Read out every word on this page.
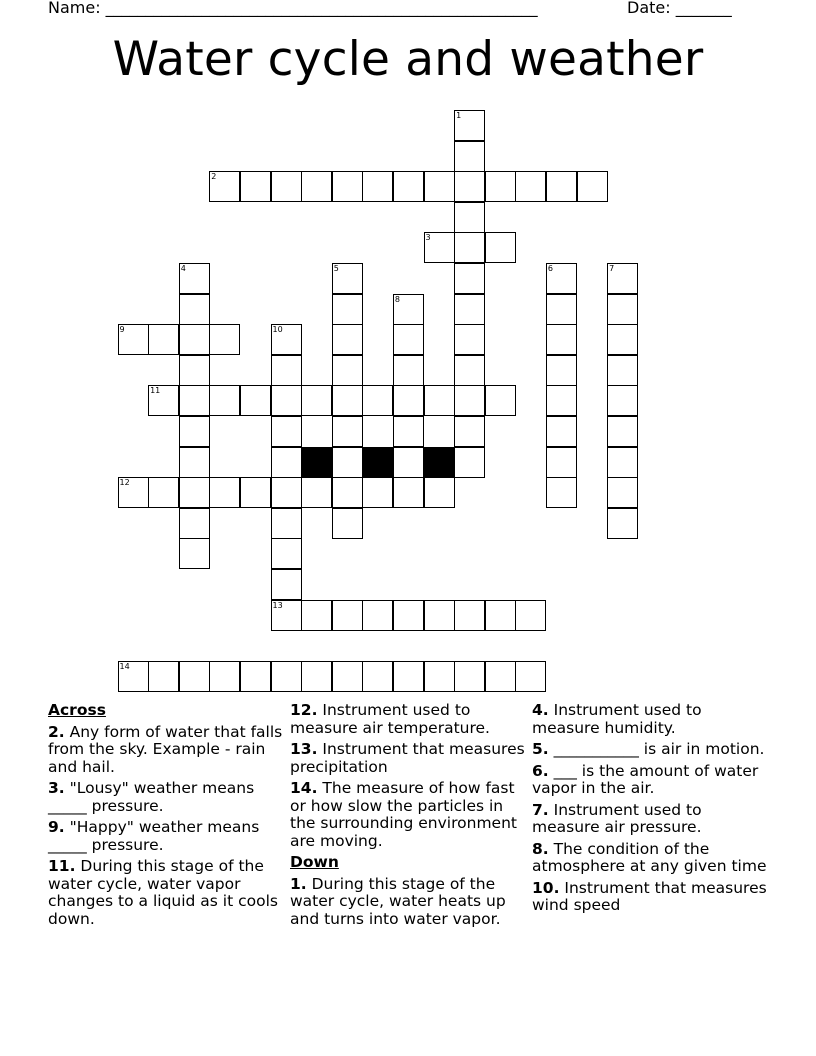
Name: ______________________________________________________	Date: _______
Water cycle and weather
1
2
3
4	5	6	7
8
9	10
11
12
13
14
Across
2. Any form of water that falls from the sky. Example - rain and hail.
3. "Lousy" weather means _____ pressure.
9. "Happy" weather means _____ pressure.
11. During this stage of the water cycle, water vapor changes to a liquid as it cools down.
12. Instrument used to measure air temperature.
13. Instrument that measures precipitation
14. The measure of how fast or how slow the particles in the surrounding environment are moving.
Down
1. During this stage of the water cycle, water heats up and turns into water vapor.
4. Instrument used to measure humidity.
5. ___________ is air in motion.
6. ___ is the amount of water vapor in the air.
7. Instrument used to measure air pressure.
8. The condition of the atmosphere at any given time
10. Instrument that measures wind speed
